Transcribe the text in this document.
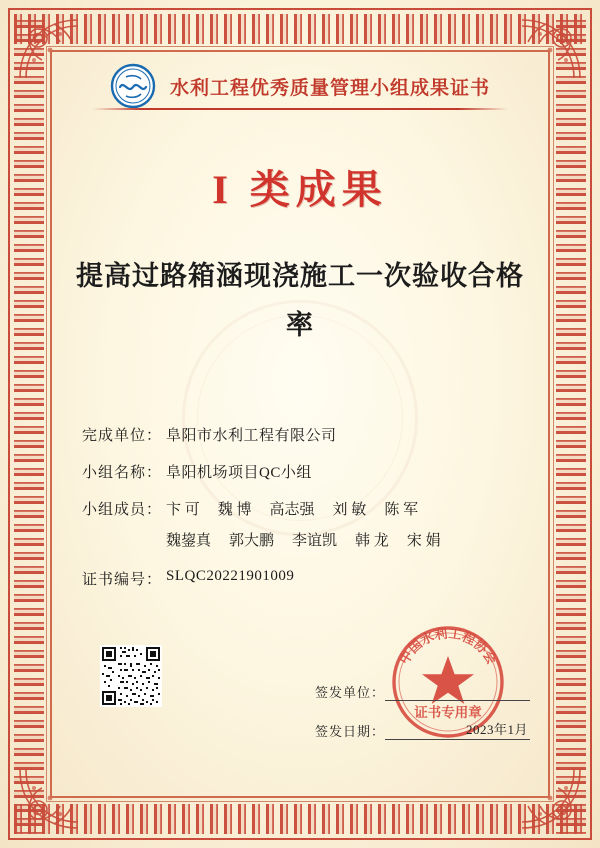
水利工程优秀质量管理小组成果证书
I 类成果
提高过路箱涵现浇施工一次验收合格率
完成单位： 阜阳市水利工程有限公司
小组名称： 阜阳机场项目QC小组
小组成员： 卞 可 魏 博 高志强 刘 敏 陈 军
魏鋆真 郭大鹏 李谊凯 韩 龙 宋 娟
证书编号： SLQC20221901009
中国水利工程协会
证书专用章
签发单位：
签发日期：	2023年1月
